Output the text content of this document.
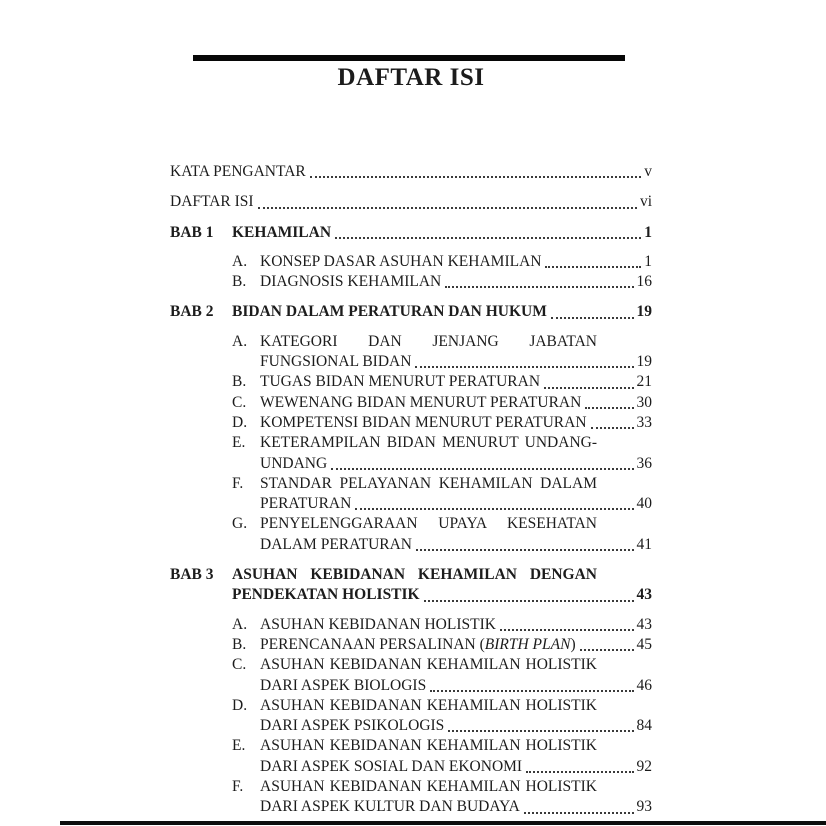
DAFTAR ISI
KATA PENGANTAR	v
DAFTAR ISI	vi
BAB 1	KEHAMILAN	1
A. KONSEP DASAR ASUHAN KEHAMILAN	1
B. DIAGNOSIS KEHAMILAN	16
BAB 2	BIDAN DALAM PERATURAN DAN HUKUM	19
A. KATEGORI DAN JENJANG JABATAN
FUNGSIONAL BIDAN	19
B. TUGAS BIDAN MENURUT PERATURAN	21
C. WEWENANG BIDAN MENURUT PERATURAN	30
D. KOMPETENSI BIDAN MENURUT PERATURAN	33
E. KETERAMPILAN BIDAN MENURUT UNDANG-
UNDANG	36
F.	STANDAR PELAYANAN KEHAMILAN DALAM
PERATURAN	40
G. PENYELENGGARAAN UPAYA KESEHATAN
DALAM PERATURAN	41
BAB 3	ASUHAN KEBIDANAN KEHAMILAN DENGAN
PENDEKATAN HOLISTIK	43
A. ASUHAN KEBIDANAN HOLISTIK	43
B. PERENCANAAN PERSALINAN (BIRTH PLAN)	45
C. ASUHAN KEBIDANAN KEHAMILAN HOLISTIK
DARI ASPEK BIOLOGIS	46
D. ASUHAN KEBIDANAN KEHAMILAN HOLISTIK
DARI ASPEK PSIKOLOGIS	84
E. ASUHAN KEBIDANAN KEHAMILAN HOLISTIK
DARI ASPEK SOSIAL DAN EKONOMI	92
F.	ASUHAN KEBIDANAN KEHAMILAN HOLISTIK
DARI ASPEK KULTUR DAN BUDAYA	93
